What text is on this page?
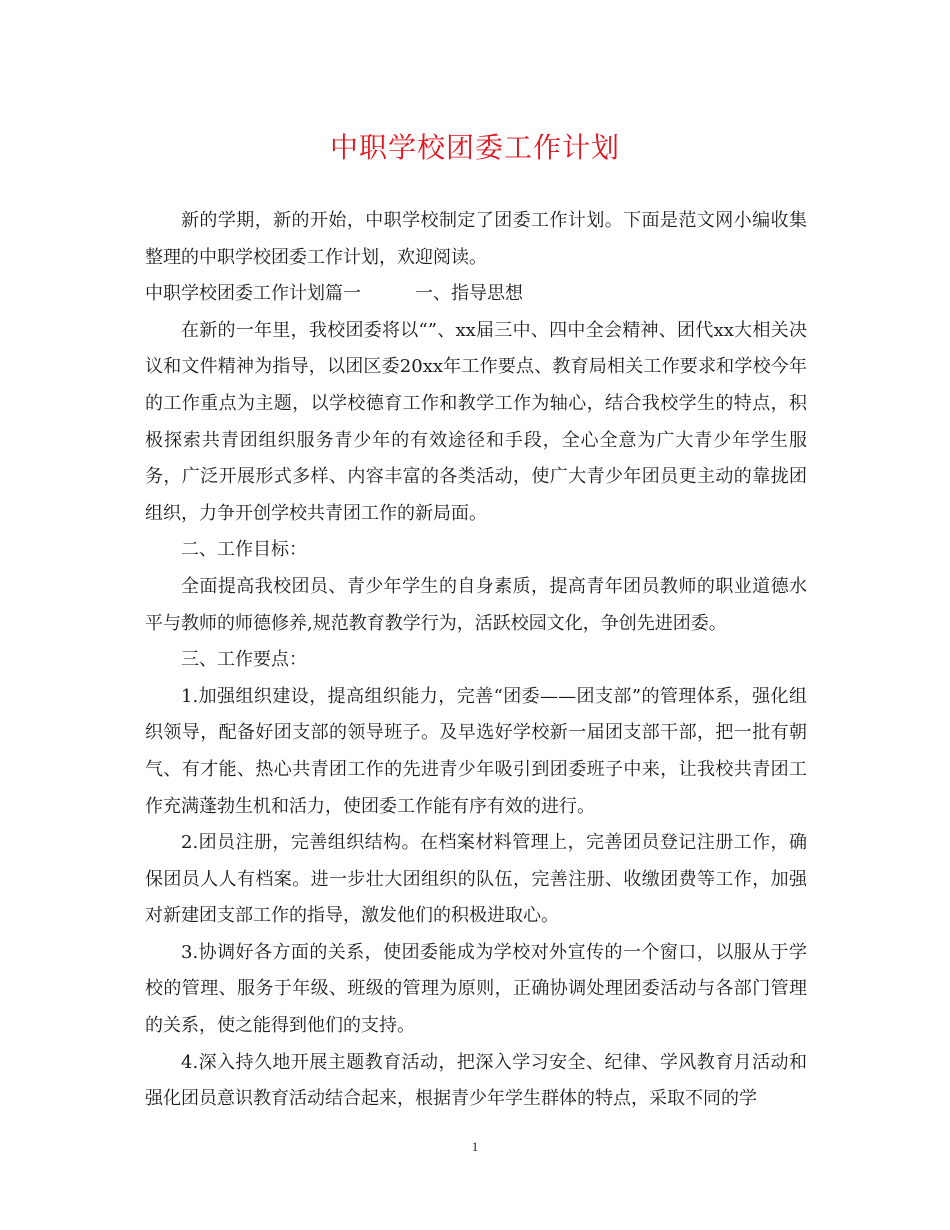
中职学校团委工作计划

新的学期，新的开始，中职学校制定了团委工作计划。下面是范文网小编收集整理的中职学校团委工作计划，欢迎阅读。

中职学校团委工作计划篇一　　　一、指导思想

在新的一年里，我校团委将以“”、xx届三中、四中全会精神、团代xx大相关决议和文件精神为指导，以团区委20xx年工作要点、教育局相关工作要求和学校今年的工作重点为主题，以学校德育工作和教学工作为轴心，结合我校学生的特点，积极探索共青团组织服务青少年的有效途径和手段，全心全意为广大青少年学生服务，广泛开展形式多样、内容丰富的各类活动，使广大青少年团员更主动的靠拢团组织，力争开创学校共青团工作的新局面。

二、工作目标：

全面提高我校团员、青少年学生的自身素质，提高青年团员教师的职业道德水平与教师的师德修养,规范教育教学行为，活跃校园文化，争创先进团委。

三、工作要点：

1.加强组织建设，提高组织能力，完善“团委——团支部”的管理体系，强化组织领导，配备好团支部的领导班子。及早选好学校新一届团支部干部，把一批有朝气、有才能、热心共青团工作的先进青少年吸引到团委班子中来，让我校共青团工作充满蓬勃生机和活力，使团委工作能有序有效的进行。

2.团员注册，完善组织结构。在档案材料管理上，完善团员登记注册工作，确保团员人人有档案。进一步壮大团组织的队伍，完善注册、收缴团费等工作，加强对新建团支部工作的指导，激发他们的积极进取心。

3.协调好各方面的关系，使团委能成为学校对外宣传的一个窗口，以服从于学校的管理、服务于年级、班级的管理为原则，正确协调处理团委活动与各部门管理的关系，使之能得到他们的支持。

4.深入持久地开展主题教育活动，把深入学习安全、纪律、学风教育月活动和强化团员意识教育活动结合起来，根据青少年学生群体的特点，采取不同的学

1
